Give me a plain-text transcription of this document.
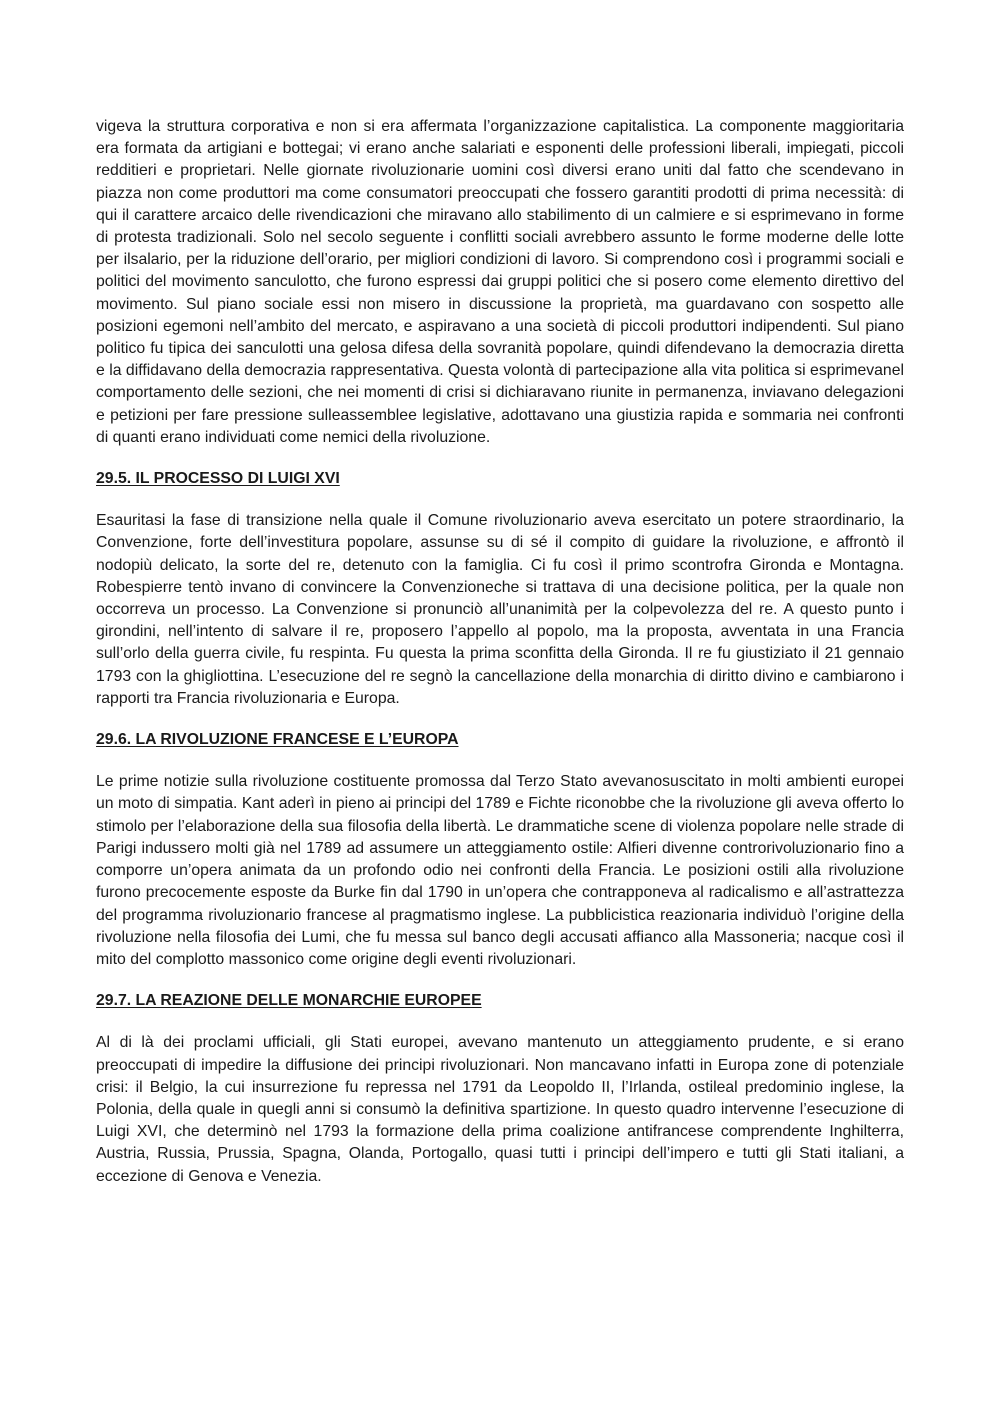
vigeva la struttura corporativa e non si era affermata l’organizzazione capitalistica. La componente maggioritaria era formata da artigiani e bottegai; vi erano anche salariati e esponenti delle professioni liberali, impiegati, piccoli redditieri e proprietari. Nelle giornate rivoluzionarie uomini così diversi erano uniti dal fatto che scendevano in piazza non come produttori ma come consumatori preoccupati che fossero garantiti prodotti di prima necessità: di qui il carattere arcaico delle rivendicazioni che miravano allo stabilimento di un calmiere e si esprimevano in forme di protesta tradizionali. Solo nel secolo seguente i conflitti sociali avrebbero assunto le forme moderne delle lotte per ilsalario, per la riduzione dell’orario, per migliori condizioni di lavoro. Si comprendono così i programmi sociali e politici del movimento sanculotto, che furono espressi dai gruppi politici che si posero come elemento direttivo del movimento. Sul piano sociale essi non misero in discussione la proprietà, ma guardavano con sospetto alle posizioni egemoni nell’ambito del mercato, e aspiravano a una società di piccoli produttori indipendenti. Sul piano politico fu tipica dei sanculotti una gelosa difesa della sovranità popolare, quindi difendevano la democrazia diretta e la diffidavano della democrazia rappresentativa. Questa volontà di partecipazione alla vita politica si esprimevanel comportamento delle sezioni, che nei momenti di crisi si dichiaravano riunite in permanenza, inviavano delegazioni e petizioni per fare pressione sulleassemblee legislative, adottavano una giustizia rapida e sommaria nei confronti di quanti erano individuati come nemici della rivoluzione.

29.5. IL PROCESSO DI LUIGI XVI

Esauritasi la fase di transizione nella quale il Comune rivoluzionario aveva esercitato un potere straordinario, la Convenzione, forte dell’investitura popolare, assunse su di sé il compito di guidare la rivoluzione, e affrontò il nodopiù delicato, la sorte del re, detenuto con la famiglia. Ci fu così il primo scontrofra Gironda e Montagna. Robespierre tentò invano di convincere la Convenzioneche si trattava di una decisione politica, per la quale non occorreva un processo. La Convenzione si pronunciò all’unanimità per la colpevolezza del re. A questo punto i girondini, nell’intento di salvare il re, proposero l’appello al popolo, ma la proposta, avventata in una Francia sull’orlo della guerra civile, fu respinta. Fu questa la prima sconfitta della Gironda. Il re fu giustiziato il 21 gennaio 1793 con la ghigliottina. L’esecuzione del re segnò la cancellazione della monarchia di diritto divino e cambiarono i rapporti tra Francia rivoluzionaria e Europa.

29.6. LA RIVOLUZIONE FRANCESE E L’EUROPA

Le prime notizie sulla rivoluzione costituente promossa dal Terzo Stato avevanosuscitato in molti ambienti europei un moto di simpatia. Kant aderì in pieno ai principi del 1789 e Fichte riconobbe che la rivoluzione gli aveva offerto lo stimolo per l’elaborazione della sua filosofia della libertà. Le drammatiche scene di violenza popolare nelle strade di Parigi indussero molti già nel 1789 ad assumere un atteggiamento ostile: Alfieri divenne controrivoluzionario fino a comporre un’opera animata da un profondo odio nei confronti della Francia. Le posizioni ostili alla rivoluzione furono precocemente esposte da Burke fin dal 1790 in un’opera che contrapponeva al radicalismo e all’astrattezza del programma rivoluzionario francese al pragmatismo inglese. La pubblicistica reazionaria individuò l’origine della rivoluzione nella filosofia dei Lumi, che fu messa sul banco degli accusati affianco alla Massoneria; nacque così il mito del complotto massonico come origine degli eventi rivoluzionari.

29.7. LA REAZIONE DELLE MONARCHIE EUROPEE

Al di là dei proclami ufficiali, gli Stati europei, avevano mantenuto un atteggiamento prudente, e si erano preoccupati di impedire la diffusione dei principi rivoluzionari. Non mancavano infatti in Europa zone di potenziale crisi: il Belgio, la cui insurrezione fu repressa nel 1791 da Leopoldo II, l’Irlanda, ostileal predominio inglese, la Polonia, della quale in quegli anni si consumò la definitiva spartizione. In questo quadro intervenne l’esecuzione di Luigi XVI, che determinò nel 1793 la formazione della prima coalizione antifrancese comprendente Inghilterra, Austria, Russia, Prussia, Spagna, Olanda, Portogallo, quasi tutti i principi dell’impero e tutti gli Stati italiani, a eccezione di Genova e Venezia.
